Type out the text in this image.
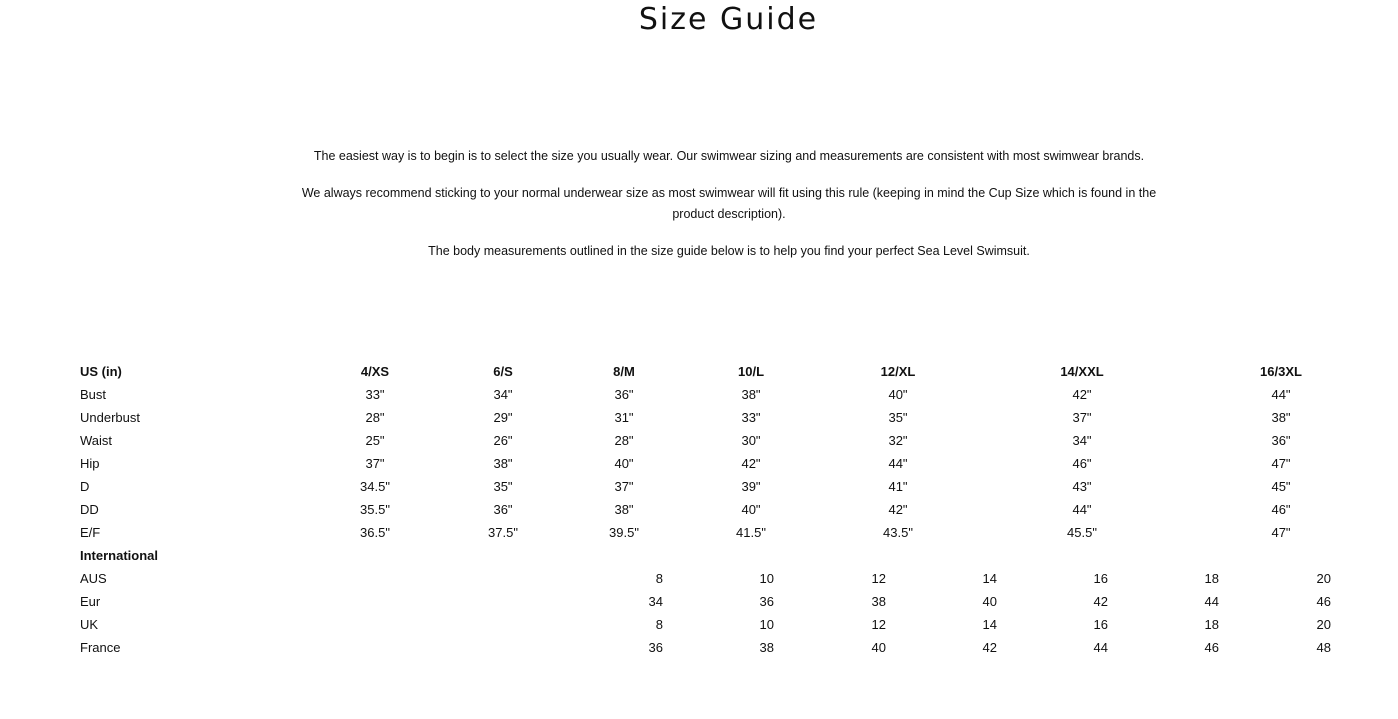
Size Guide

The easiest way is to begin is to select the size you usually wear. Our swimwear sizing and measurements are consistent with most swimwear brands.

We always recommend sticking to your normal underwear size as most swimwear will fit using this rule (keeping in mind the Cup Size which is found in the product description).

The body measurements outlined in the size guide below is to help you find your perfect Sea Level Swimsuit.

US (in)	4/XS	6/S	8/M	10/L	12/XL	14/XXL	16/3XL
Bust	33"	34"	36"	38"	40"	42"	44"
Underbust	28"	29"	31"	33"	35"	37"	38"
Waist	25"	26"	28"	30"	32"	34"	36"
Hip	37"	38"	40"	42"	44"	46"	47"
D	34.5"	35"	37"	39"	41"	43"	45"
DD	35.5"	36"	38"	40"	42"	44"	46"
E/F	36.5"	37.5"	39.5"	41.5"	43.5"	45.5"	47"
International
AUS	8	10	12	14	16	18	20
Eur	34	36	38	40	42	44	46
UK	8	10	12	14	16	18	20
France	36	38	40	42	44	46	48
